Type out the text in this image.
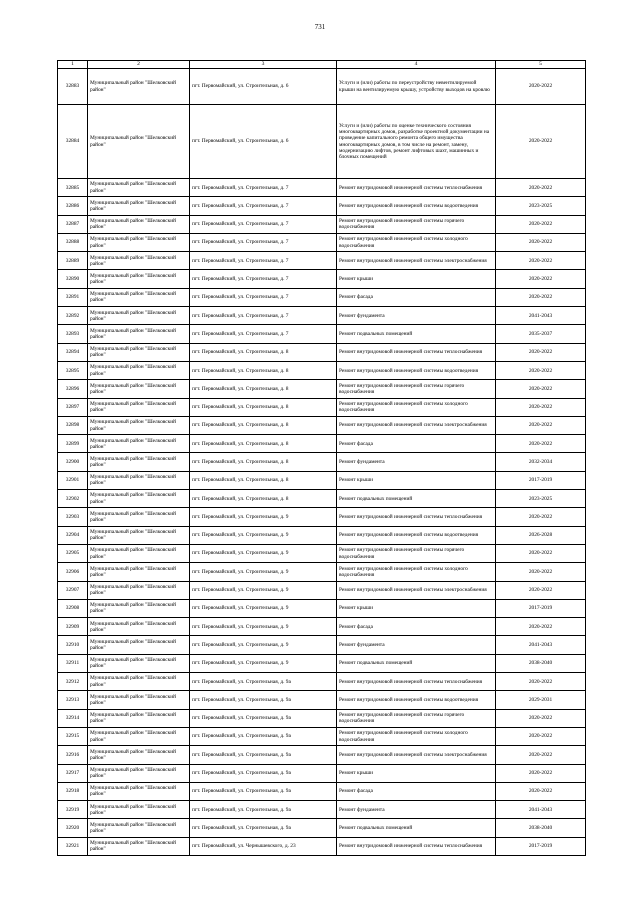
731
1	2	3	4	5
32883	Муниципальный район "Шелковский район"	пгт. Первомайский, ул. Строительная, д. 6	Услуги и (или) работы по переустройству невентилируемой крыши на вентилируемую крышу, устройству выходов на кровлю	2020-2022
32884	Муниципальный район "Шелковский район"	пгт. Первомайский, ул. Строительная, д. 6	Услуги и (или) работы по оценке технического состояния многоквартирных домов, разработке проектной документации на проведение капитального ремонта общего имущества многоквартирных домов, в том числе на ремонт, замену, модернизацию лифтов, ремонт лифтовых шахт, машинных и блочных помещений	2020-2022
32885	Муниципальный район "Шелковский район"	пгт. Первомайский, ул. Строительная, д. 7	Ремонт внутридомовой инженерной системы теплоснабжения	2020-2022
32886	Муниципальный район "Шелковский район"	пгт. Первомайский, ул. Строительная, д. 7	Ремонт внутридомовой инженерной системы водоотведения	2023-2025
32887	Муниципальный район "Шелковский район"	пгт. Первомайский, ул. Строительная, д. 7	Ремонт внутридомовой инженерной системы горячего водоснабжения	2020-2022
32888	Муниципальный район "Шелковский район"	пгт. Первомайский, ул. Строительная, д. 7	Ремонт внутридомовой инженерной системы холодного водоснабжения	2020-2022
32889	Муниципальный район "Шелковский район"	пгт. Первомайский, ул. Строительная, д. 7	Ремонт внутридомовой инженерной системы электроснабжения	2020-2022
32890	Муниципальный район "Шелковский район"	пгт. Первомайский, ул. Строительная, д. 7	Ремонт крыши	2020-2022
32891	Муниципальный район "Шелковский район"	пгт. Первомайский, ул. Строительная, д. 7	Ремонт фасада	2020-2022
32892	Муниципальный район "Шелковский район"	пгт. Первомайский, ул. Строительная, д. 7	Ремонт фундамента	2041-2043
32893	Муниципальный район "Шелковский район"	пгт. Первомайский, ул. Строительная, д. 7	Ремонт подвальных помещений	2035-2037
32894	Муниципальный район "Шелковский район"	пгт. Первомайский, ул. Строительная, д. 8	Ремонт внутридомовой инженерной системы теплоснабжения	2020-2022
32895	Муниципальный район "Шелковский район"	пгт. Первомайский, ул. Строительная, д. 8	Ремонт внутридомовой инженерной системы водоотведения	2020-2022
32896	Муниципальный район "Шелковский район"	пгт. Первомайский, ул. Строительная, д. 8	Ремонт внутридомовой инженерной системы горячего водоснабжения	2020-2022
32897	Муниципальный район "Шелковский район"	пгт. Первомайский, ул. Строительная, д. 8	Ремонт внутридомовой инженерной системы холодного водоснабжения	2020-2022
32898	Муниципальный район "Шелковский район"	пгт. Первомайский, ул. Строительная, д. 8	Ремонт внутридомовой инженерной системы электроснабжения	2020-2022
32899	Муниципальный район "Шелковский район"	пгт. Первомайский, ул. Строительная, д. 8	Ремонт фасада	2020-2022
32900	Муниципальный район "Шелковский район"	пгт. Первомайский, ул. Строительная, д. 8	Ремонт фундамента	2032-2034
32901	Муниципальный район "Шелковский район"	пгт. Первомайский, ул. Строительная, д. 8	Ремонт крыши	2017-2019
32902	Муниципальный район "Шелковский район"	пгт. Первомайский, ул. Строительная, д. 8	Ремонт подвальных помещений	2023-2025
32903	Муниципальный район "Шелковский район"	пгт. Первомайский, ул. Строительная, д. 9	Ремонт внутридомовой инженерной системы теплоснабжения	2020-2022
32904	Муниципальный район "Шелковский район"	пгт. Первомайский, ул. Строительная, д. 9	Ремонт внутридомовой инженерной системы водоотведения	2026-2028
32905	Муниципальный район "Шелковский район"	пгт. Первомайский, ул. Строительная, д. 9	Ремонт внутридомовой инженерной системы горячего водоснабжения	2020-2022
32906	Муниципальный район "Шелковский район"	пгт. Первомайский, ул. Строительная, д. 9	Ремонт внутридомовой инженерной системы холодного водоснабжения	2020-2022
32907	Муниципальный район "Шелковский район"	пгт. Первомайский, ул. Строительная, д. 9	Ремонт внутридомовой инженерной системы электроснабжения	2020-2022
32908	Муниципальный район "Шелковский район"	пгт. Первомайский, ул. Строительная, д. 9	Ремонт крыши	2017-2019
32909	Муниципальный район "Шелковский район"	пгт. Первомайский, ул. Строительная, д. 9	Ремонт фасада	2020-2022
32910	Муниципальный район "Шелковский район"	пгт. Первомайский, ул. Строительная, д. 9	Ремонт фундамента	2041-2043
32911	Муниципальный район "Шелковский район"	пгт. Первомайский, ул. Строительная, д. 9	Ремонт подвальных помещений	2038-2040
32912	Муниципальный район "Шелковский район"	пгт. Первомайский, ул. Строительная, д. 9а	Ремонт внутридомовой инженерной системы теплоснабжения	2020-2022
32913	Муниципальный район "Шелковский район"	пгт. Первомайский, ул. Строительная, д. 9а	Ремонт внутридомовой инженерной системы водоотведения	2029-2031
32914	Муниципальный район "Шелковский район"	пгт. Первомайский, ул. Строительная, д. 9а	Ремонт внутридомовой инженерной системы горячего водоснабжения	2020-2022
32915	Муниципальный район "Шелковский район"	пгт. Первомайский, ул. Строительная, д. 9а	Ремонт внутридомовой инженерной системы холодного водоснабжения	2020-2022
32916	Муниципальный район "Шелковский район"	пгт. Первомайский, ул. Строительная, д. 9а	Ремонт внутридомовой инженерной системы электроснабжения	2020-2022
32917	Муниципальный район "Шелковский район"	пгт. Первомайский, ул. Строительная, д. 9а	Ремонт крыши	2020-2022
32918	Муниципальный район "Шелковский район"	пгт. Первомайский, ул. Строительная, д. 9а	Ремонт фасада	2020-2022
32919	Муниципальный район "Шелковский район"	пгт. Первомайский, ул. Строительная, д. 9а	Ремонт фундамента	2041-2043
32920	Муниципальный район "Шелковский район"	пгт. Первомайский, ул. Строительная, д. 9а	Ремонт подвальных помещений	2038-2040
32921	Муниципальный район "Шелковский район"	пгт. Первомайский, ул. Чернышевского, д. 23	Ремонт внутридомовой инженерной системы теплоснабжения	2017-2019
